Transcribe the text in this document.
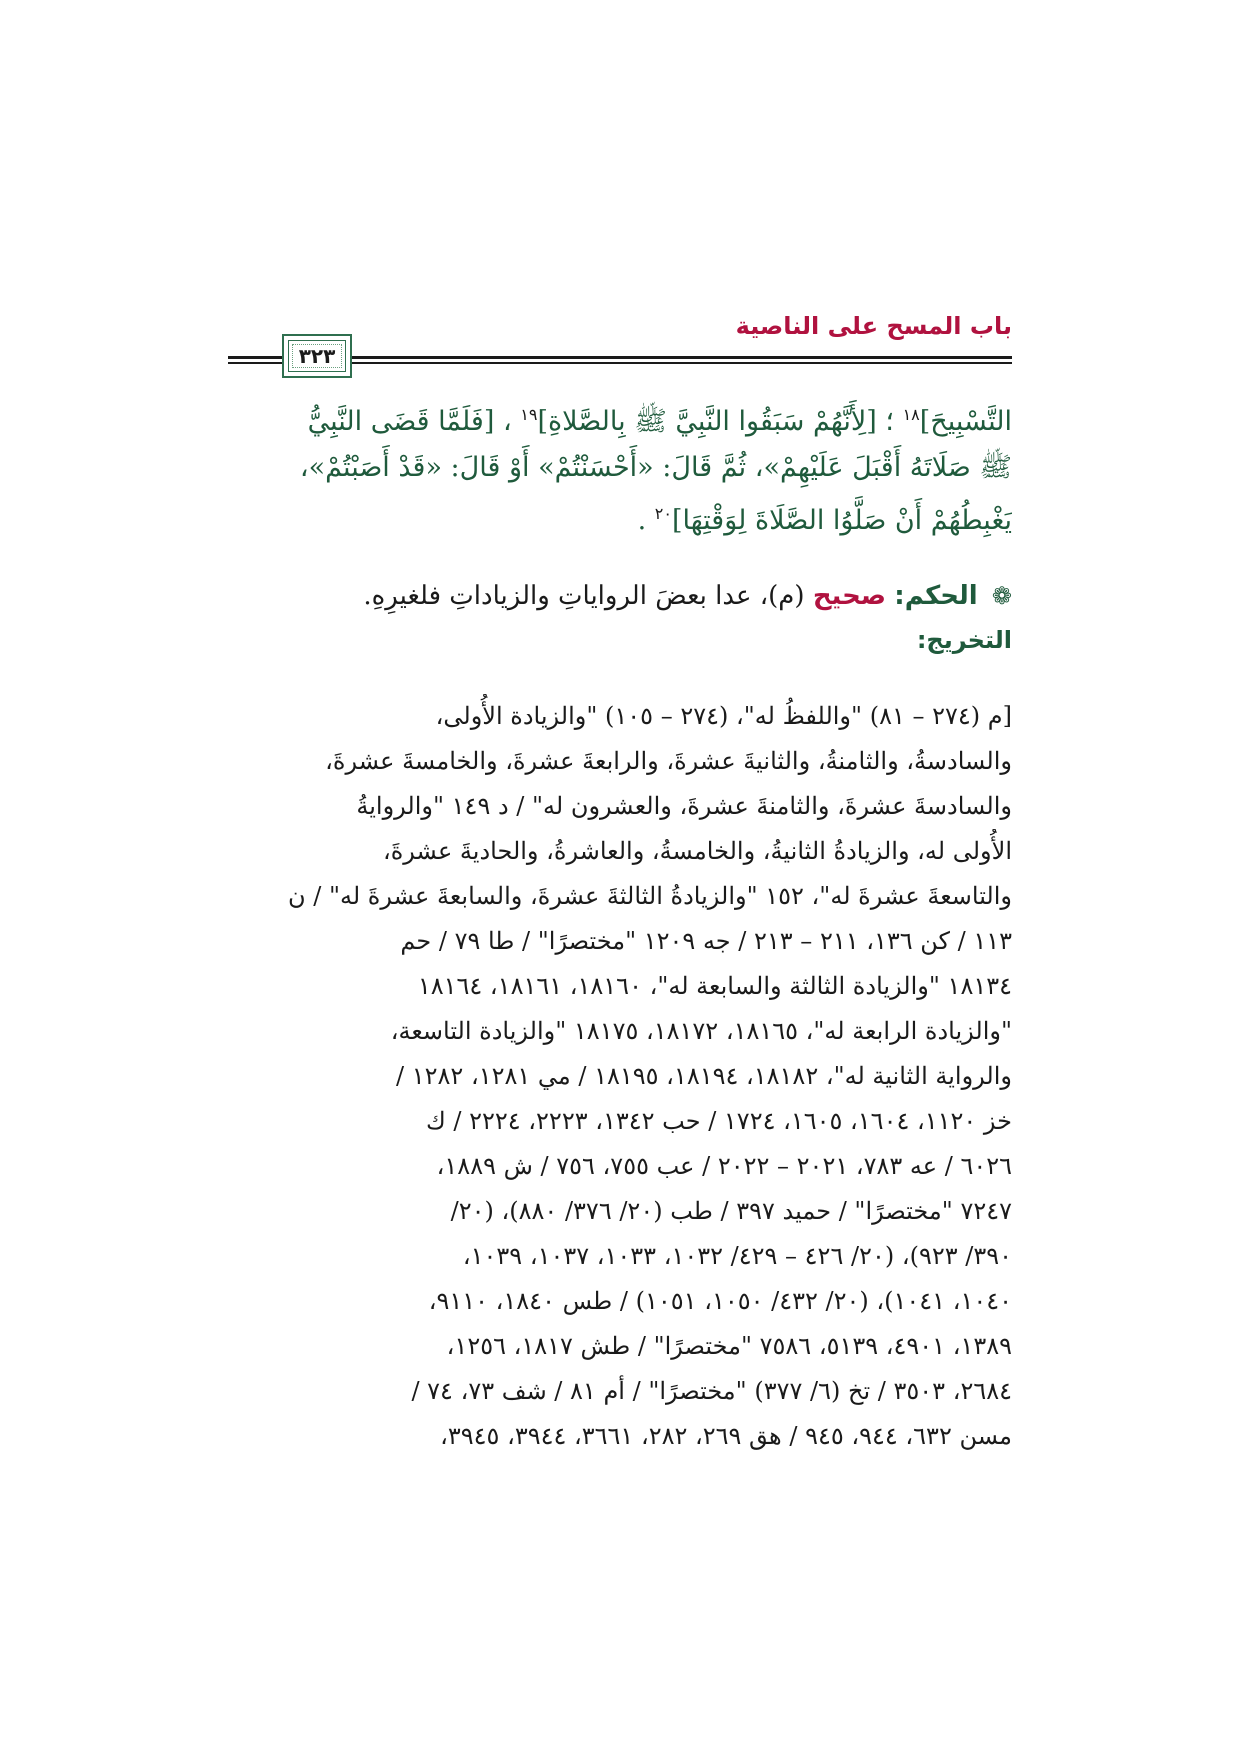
باب المسح على الناصية
٣٢٣
التَّسْبِيحَ]$^{١٨}$ ؛ [لِأَنَّهُمْ سَبَقُوا النَّبِيَّ ﷺ بِالصَّلاةِ]$^{١٩}$ ، [فَلَمَّا قَضَى النَّبِيُّ
ﷺ صَلَاتَهُ أَقْبَلَ عَلَيْهِمْ»، ثُمَّ قَالَ: «أَحْسَنْتُمْ» أَوْ قَالَ: «قَدْ أَصَبْتُمْ»،
يَغْبِطُهُمْ أَنْ صَلَّوُا الصَّلَاةَ لِوَقْتِهَا]$^{٢٠}$ .
❁ الحكم: صحيح (م)، عدا بعضَ الرواياتِ والزياداتِ فلغيرِهِ.
التخريج:
[م (٢٧٤ – ٨١) "واللفظُ له"، (٢٧٤ – ١٠٥) "والزيادة الأُولى،
والسادسةُ، والثامنةُ، والثانيةَ عشرةَ، والرابعةَ عشرةَ، والخامسةَ عشرةَ،
والسادسةَ عشرةَ، والثامنةَ عشرةَ، والعشرون له" / د ١٤٩ "والروايةُ
الأُولى له، والزيادةُ الثانيةُ، والخامسةُ، والعاشرةُ، والحاديةَ عشرةَ،
والتاسعةَ عشرةَ له"، ١٥٢ "والزيادةُ الثالثةَ عشرةَ، والسابعةَ عشرةَ له" / ن
١١٣ / كن ١٣٦، ٢١١ – ٢١٣ / جه ١٢٠٩ "مختصرًا" / طا ٧٩ / حم
١٨١٣٤ "والزيادة الثالثة والسابعة له"، ١٨١٦٠، ١٨١٦١، ١٨١٦٤
"والزيادة الرابعة له"، ١٨١٦٥، ١٨١٧٢، ١٨١٧٥ "والزيادة التاسعة،
والرواية الثانية له"، ١٨١٨٢، ١٨١٩٤، ١٨١٩٥ / مي ١٢٨١، ١٢٨٢ /
خز ١١٢٠، ١٦٠٤، ١٦٠٥، ١٧٢٤ / حب ١٣٤٢، ٢٢٢٣، ٢٢٢٤ / ك
٦٠٢٦ / عه ٧٨٣، ٢٠٢١ – ٢٠٢٢ / عب ٧٥٥، ٧٥٦ / ش ١٨٨٩،
٧٢٤٧ "مختصرًا" / حميد ٣٩٧ / طب (٢٠/ ٣٧٦/ ٨٨٠)، (٢٠/
٣٩٠/ ٩٢٣)، (٢٠/ ٤٢٦ – ٤٢٩/ ١٠٣٢، ١٠٣٣، ١٠٣٧، ١٠٣٩،
١٠٤٠، ١٠٤١)، (٢٠/ ٤٣٢/ ١٠٥٠، ١٠٥١) / طس ١٨٤٠، ٩١١٠،
١٣٨٩، ٤٩٠١، ٥١٣٩، ٧٥٨٦ "مختصرًا" / طش ١٨١٧، ١٢٥٦،
٢٦٨٤، ٣٥٠٣ / تخ (٦/ ٣٧٧) "مختصرًا" / أم ٨١ / شف ٧٣، ٧٤ /
مسن ٦٣٢، ٩٤٤، ٩٤٥ / هق ٢٦٩، ٢٨٢، ٣٦٦١، ٣٩٤٤، ٣٩٤٥،
